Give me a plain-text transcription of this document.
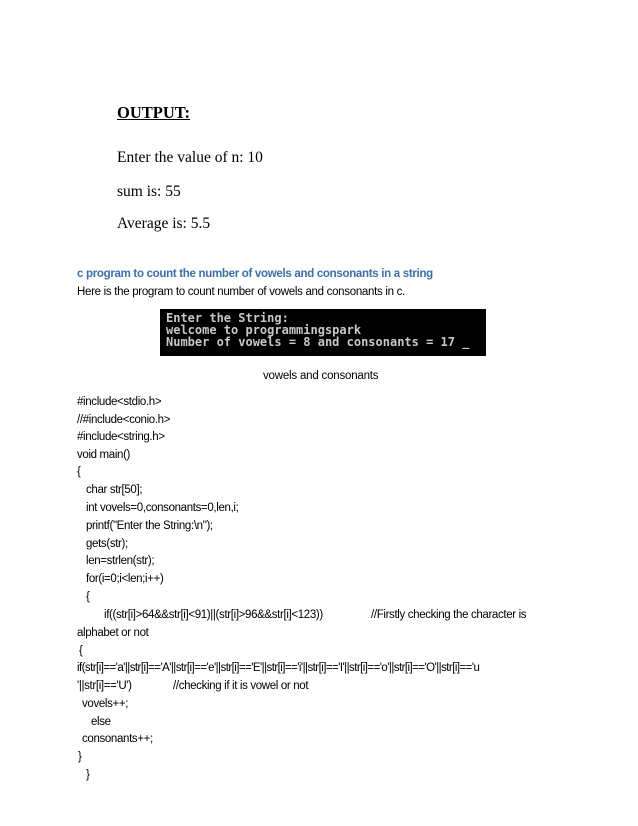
OUTPUT:
Enter the value of n: 10
sum is: 55
Average is: 5.5
c program to count the number of vowels and consonants in a string
Here is the program to count number of vowels and consonants in c.
Enter the String:
welcome to programmingspark
Number of vowels = 8 and consonants = 17 _
vowels and consonants
#include<stdio.h>
//#include<conio.h>
#include<string.h>
void main()
{
char str[50];
int vovels=0,consonants=0,len,i;
printf("Enter the String:\n");
gets(str);
len=strlen(str);
for(i=0;i<len;i++)
{
if((str[i]>64&&str[i]<91)||(str[i]>96&&str[i]<123))	//Firstly checking the character is
alphabet or not
{
if(str[i]=='a'||str[i]=='A'||str[i]=='e'||str[i]=='E'||str[i]=='i'||str[i]=='I'||str[i]=='o'||str[i]=='O'||str[i]=='u
'||str[i]=='U')	//checking if it is vowel or not
vovels++;
else
consonants++;
}
}
